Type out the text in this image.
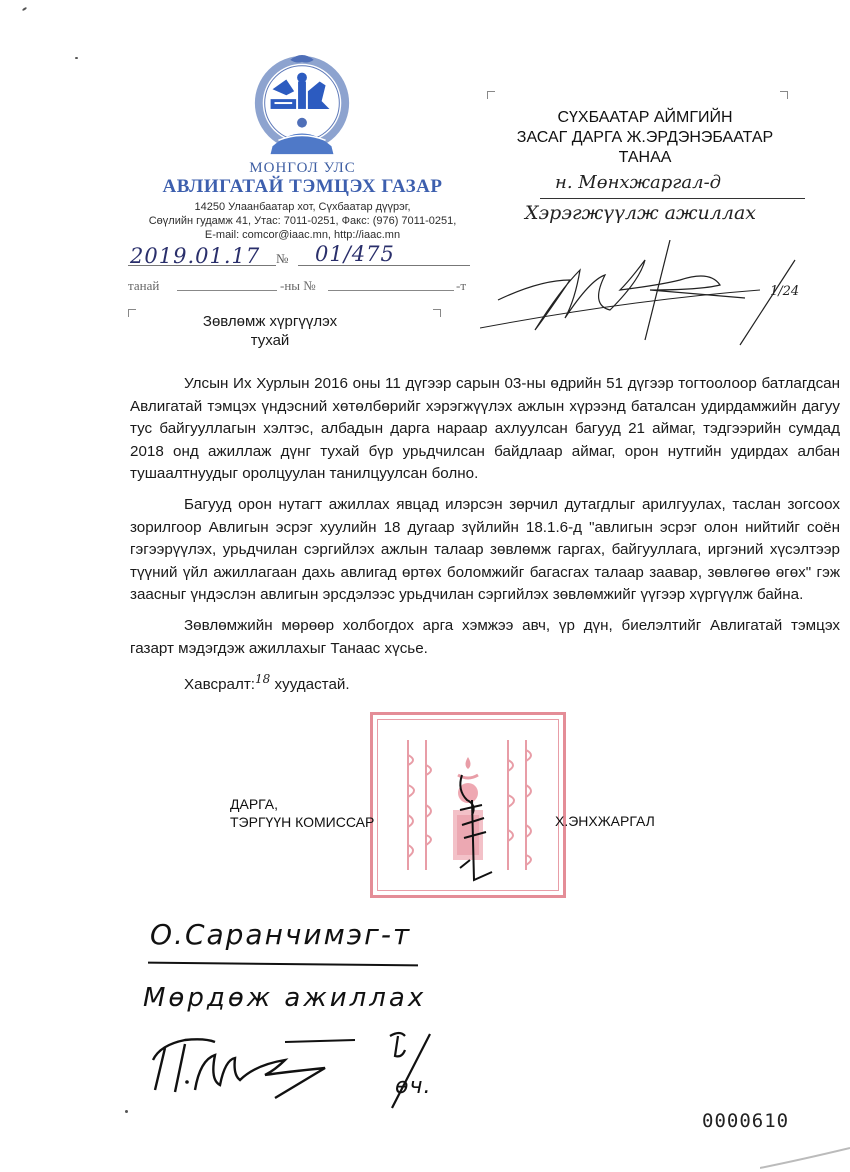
МОНГОЛ УЛС
АВЛИГАТАЙ ТЭМЦЭХ ГАЗАР
14250 Улаанбаатар хот, Сүхбаатар дүүрэг,
Сөүлийн гудамж 41, Утас: 7011-0251, Факс: (976) 7011-0251,
E-mail: comcor@iaac.mn, http://iaac.mn
2019.01.17 № 01/475
танай	-ны №	-т
Зөвлөмж хүргүүлэх
тухай
СҮХБААТАР АЙМГИЙН
ЗАСАГ ДАРГА Ж.ЭРДЭНЭБААТАР
ТАНАА
н. Мөнхжаргал-д
Хэрэгжүүлж ажиллах
1/24

Улсын Их Хурлын 2016 оны 11 дүгээр сарын 03-ны өдрийн 51 дүгээр тогтоолоор батлагдсан Авлигатай тэмцэх үндэсний хөтөлбөрийг хэрэгжүүлэх ажлын хүрээнд баталсан удирдамжийн дагуу тус байгууллагын хэлтэс, албадын дарга нараар ахлуулсан багууд 21 аймаг, тэдгээрийн сумдад 2018 онд ажиллаж дүнг тухай бүр урьдчилсан байдлаар аймаг, орон нутгийн удирдах албан тушаалтнуудыг оролцуулан танилцуулсан болно.

Багууд орон нутагт ажиллах явцад илэрсэн зөрчил дутагдлыг арилгуулах, таслан зогсоох зорилгоор Авлигын эсрэг хуулийн 18 дугаар зүйлийн 18.1.6-д "авлигын эсрэг олон нийтийг соён гэгээрүүлэх, урьдчилан сэргийлэх ажлын талаар зөвлөмж гаргах, байгууллага, иргэний хүсэлтээр түүний үйл ажиллагаан дахь авлигад өртөх боломжийг багасгах талаар заавар, зөвлөгөө өгөх" гэж заасныг үндэслэн авлигын эрсдэлээс урьдчилан сэргийлэх зөвлөмжийг үүгээр хүргүүлж байна.

Зөвлөмжийн мөрөөр холбогдох арга хэмжээ авч, үр дүн, биелэлтийг Авлигатай тэмцэх газарт мэдэгдэж ажиллахыг Танаас хүсье.

Хавсралт:$^{18}$ хуудастай.
ДАРГА,
ТЭРГҮҮН КОМИССАР	Х.ЭНХЖАРГАЛ
О.Саранчимэг-т
Мөрдөж ажиллах
ѳч.
0000610
